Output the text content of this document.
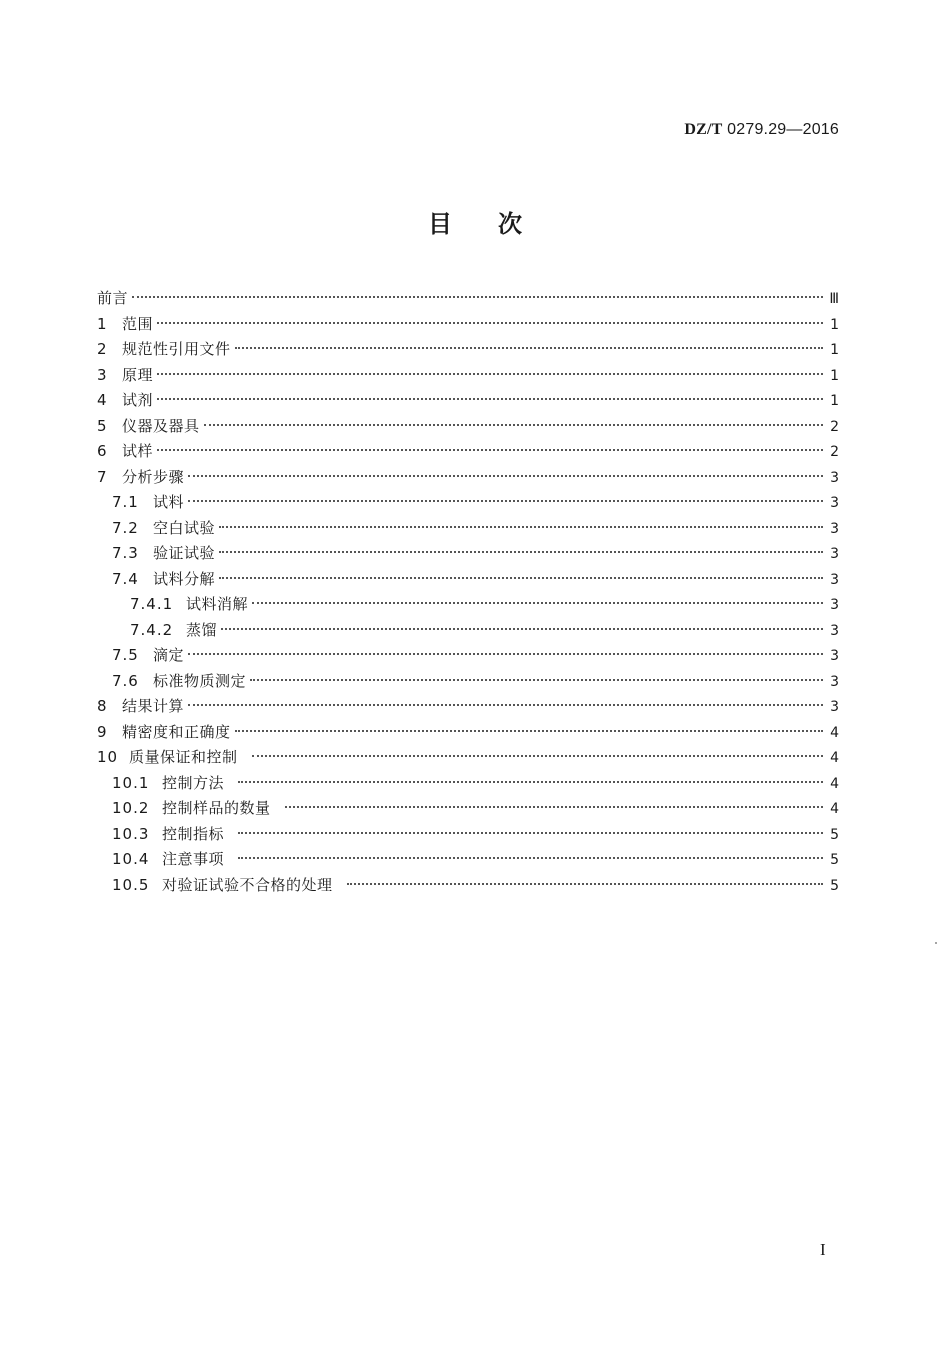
DZ/T 0279.29—2016
目次
前言	Ⅲ
1 范围	1
2 规范性引用文件	1
3 原理	1
4 试剂	1
5 仪器及器具	2
6 试样	2
7 分析步骤	3
7.1 试料	3
7.2 空白试验	3
7.3 验证试验	3
7.4 试料分解	3
7.4.1 试料消解	3
7.4.2 蒸馏	3
7.5 滴定	3
7.6 标准物质测定	3
8 结果计算	3
9 精密度和正确度	4
10 质量保证和控制	4
10.1 控制方法	4
10.2 控制样品的数量	4
10.3 控制指标	5
10.4 注意事项	5
10.5 对验证试验不合格的处理	5
I
